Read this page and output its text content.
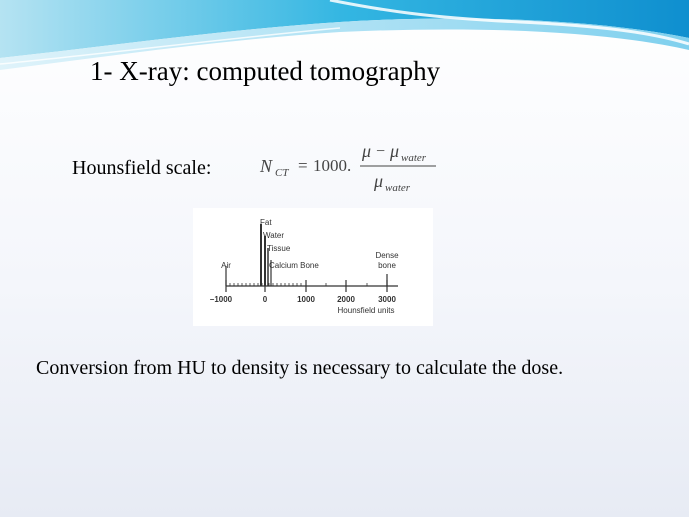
1- X-ray: computed tomography
Hounsfield scale:	N CT = 1000.
μ − μ water
μ water
Fat
Water
Tissue
Calcium Bone
Air
Dense
bone
–1000	0	1000	2000	3000
Hounsfield units
Conversion from HU to density is necessary to calculate the dose.
